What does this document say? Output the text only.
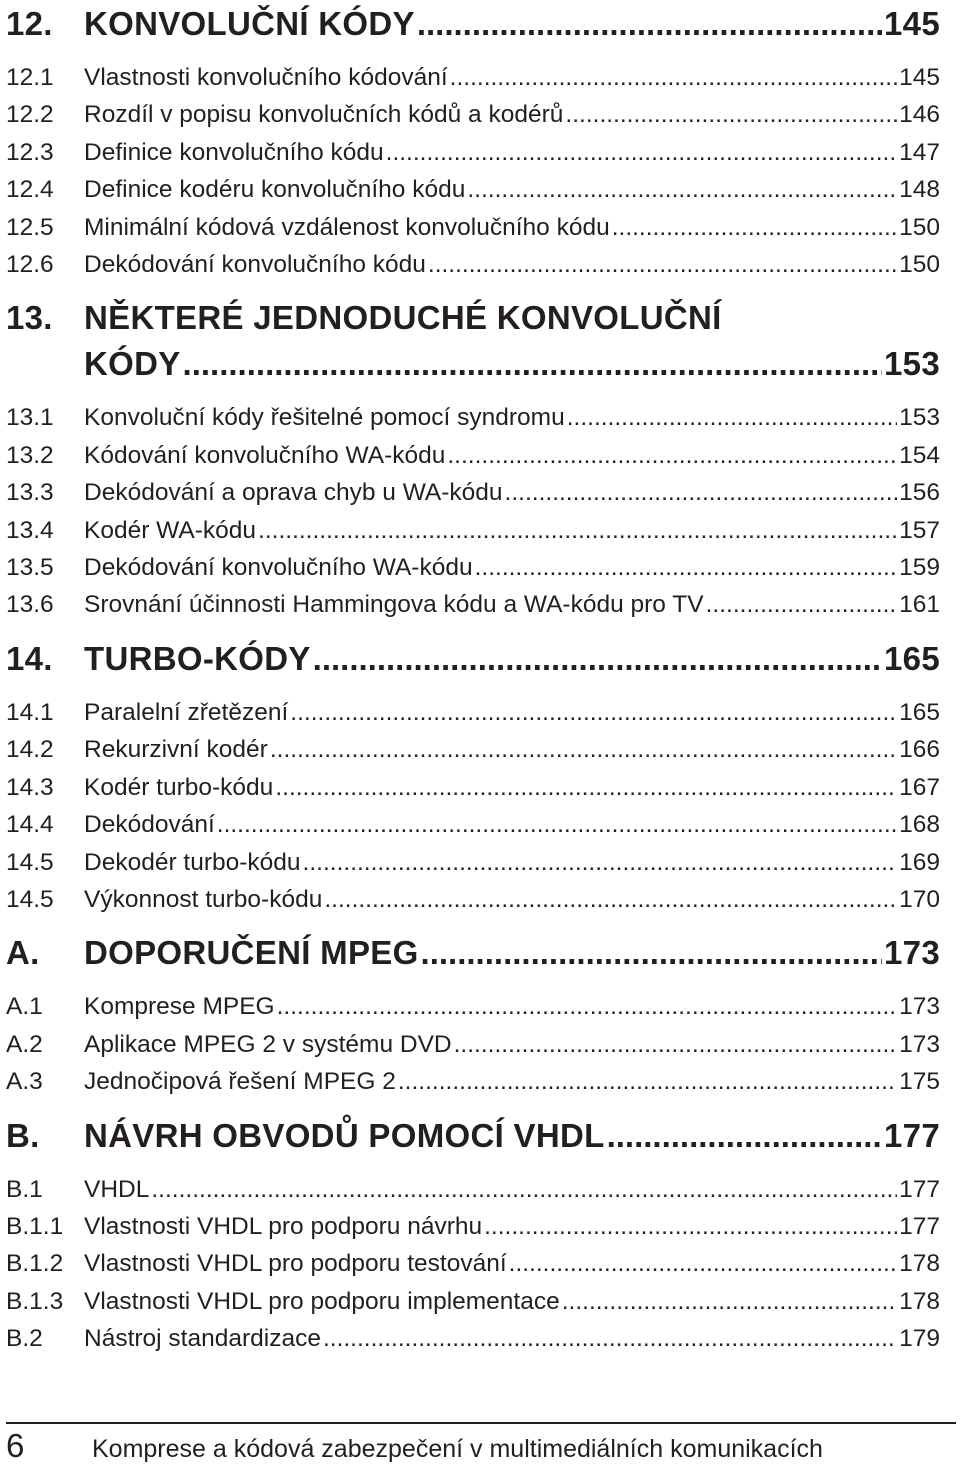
12. KONVOLUČNÍ KÓDY .....	145
12.1	Vlastnosti konvolučního kódování .....	145
12.2	Rozdíl v popisu konvolučních kódů a kodérů .....	146
12.3	Definice konvolučního kódu .....	147
12.4	Definice kodéru konvolučního kódu .....	148
12.5	Minimální kódová vzdálenost konvolučního kódu .....	150
12.6	Dekódování konvolučního kódu .....	150
13. NĚKTERÉ JEDNODUCHÉ KONVOLUČNÍ
KÓDY .....	153
13.1	Konvoluční kódy řešitelné pomocí syndromu .....	153
13.2	Kódování konvolučního WA-kódu .....	154
13.3	Dekódování a oprava chyb u WA-kódu .....	156
13.4	Kodér WA-kódu .....	157
13.5	Dekódování konvolučního WA-kódu .....	159
13.6	Srovnání účinnosti Hammingova kódu a WA-kódu pro TV .....	161
14. TURBO-KÓDY .....	165
14.1	Paralelní zřetězení .....	165
14.2	Rekurzivní kodér .....	166
14.3	Kodér turbo-kódu .....	167
14.4	Dekódování .....	168
14.5	Dekodér turbo-kódu .....	169
14.5	Výkonnost turbo-kódu .....	170
A.	DOPORUČENÍ MPEG .....	173
A.1	Komprese MPEG .....	173
A.2	Aplikace MPEG 2 v systému DVD .....	173
A.3	Jednočipová řešení MPEG 2 .....	175
B.	NÁVRH OBVODŮ POMOCÍ VHDL .....	177
B.1	VHDL .....	177
B.1.1 Vlastnosti VHDL pro podporu návrhu .....	177
B.1.2 Vlastnosti VHDL pro podporu testování .....	178
B.1.3 Vlastnosti VHDL pro podporu implementace .....	178
B.2	Nástroj standardizace .....	179
6	Komprese a kódová zabezpečení v multimediálních komunikacích
